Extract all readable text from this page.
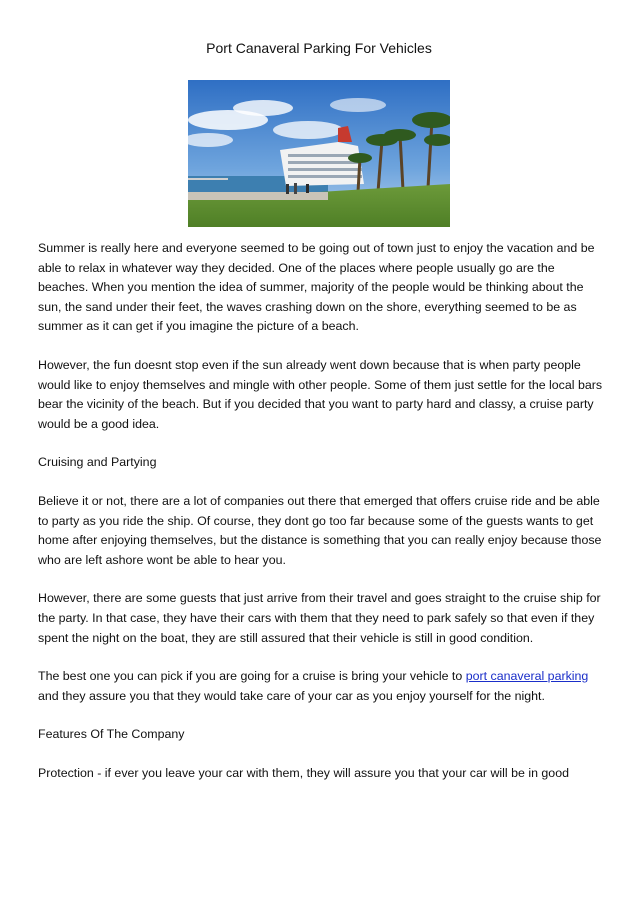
Port Canaveral Parking For Vehicles

Summer is really here and everyone seemed to be going out of town just to enjoy the vacation and be able to relax in whatever way they decided. One of the places where people usually go are the beaches. When you mention the idea of summer, majority of the people would be thinking about the sun, the sand under their feet, the waves crashing down on the shore, everything seemed to be as summer as it can get if you imagine the picture of a beach.

However, the fun doesnt stop even if the sun already went down because that is when party people would like to enjoy themselves and mingle with other people. Some of them just settle for the local bars bear the vicinity of the beach. But if you decided that you want to party hard and classy, a cruise party would be a good idea.

Cruising and Partying

Believe it or not, there are a lot of companies out there that emerged that offers cruise ride and be able to party as you ride the ship. Of course, they dont go too far because some of the guests wants to get home after enjoying themselves, but the distance is something that you can really enjoy because those who are left ashore wont be able to hear you.

However, there are some guests that just arrive from their travel and goes straight to the cruise ship for the party. In that case, they have their cars with them that they need to park safely so that even if they spent the night on the boat, they are still assured that their vehicle is still in good condition.

The best one you can pick if you are going for a cruise is bring your vehicle to port canaveral parking and they assure you that they would take care of your car as you enjoy yourself for the night.

Features Of The Company

Protection - if ever you leave your car with them, they will assure you that your car will be in good
